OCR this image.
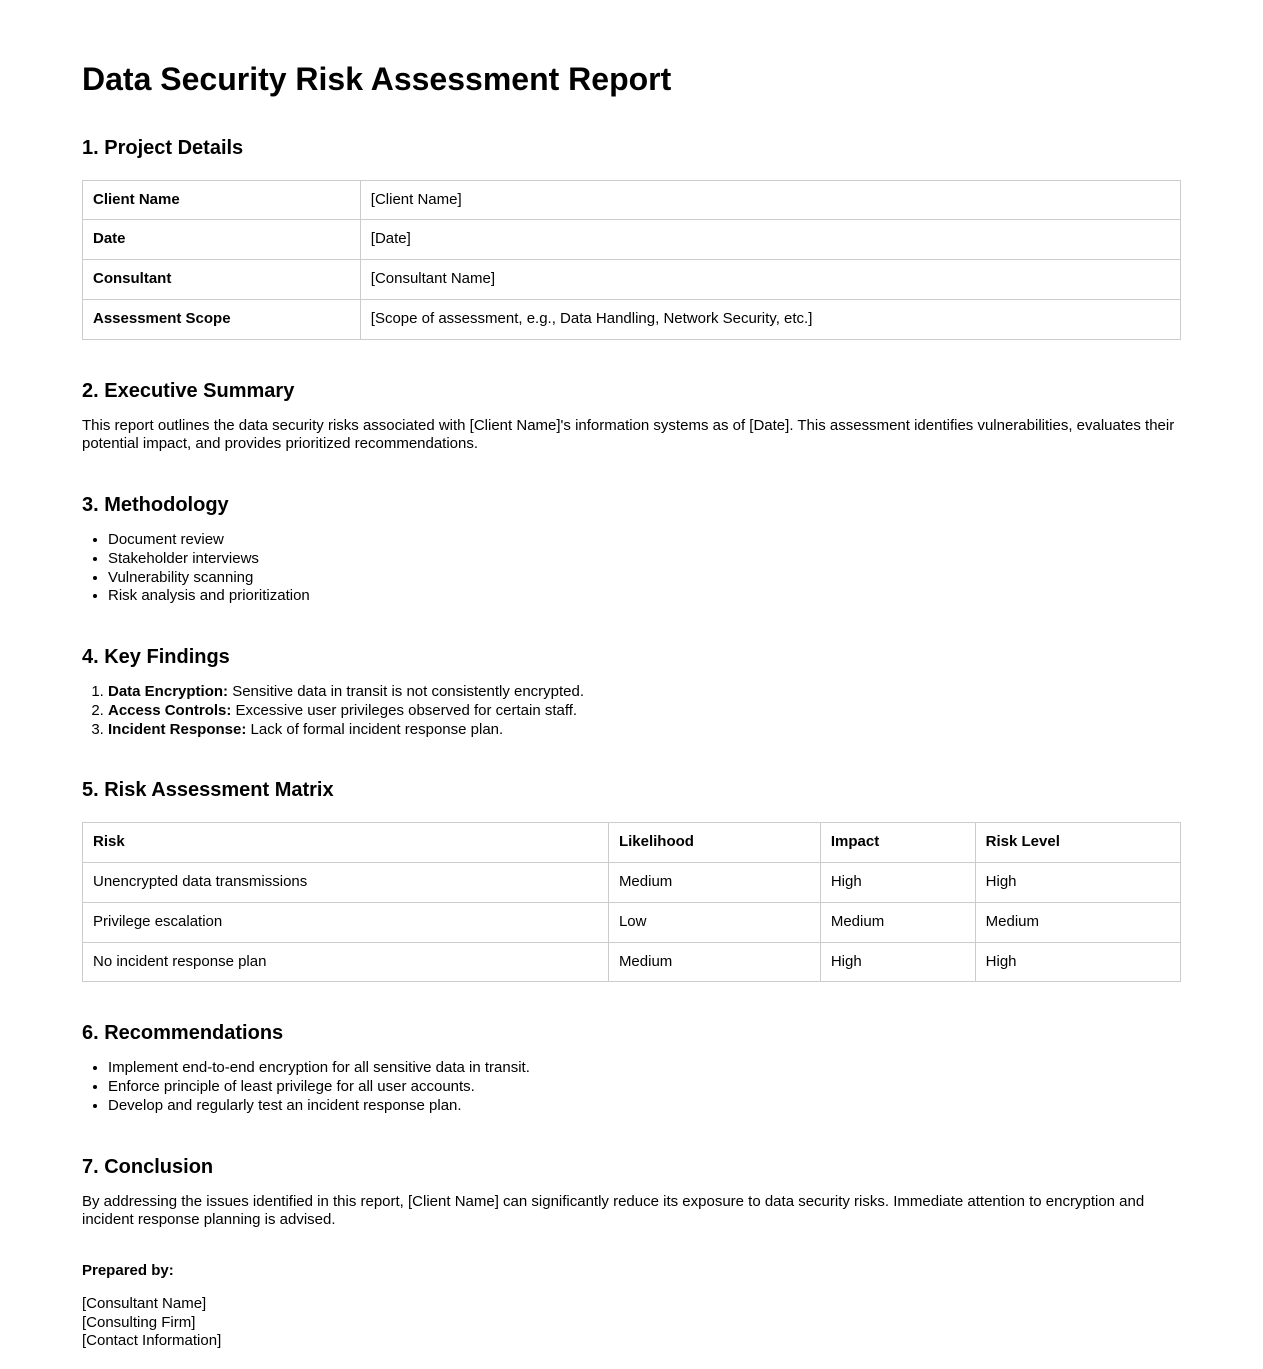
Data Security Risk Assessment Report
1. Project Details
Client Name	[Client Name]
Date	[Date]
Consultant	[Consultant Name]
Assessment Scope	[Scope of assessment, e.g., Data Handling, Network Security, etc.]
2. Executive Summary

This report outlines the data security risks associated with [Client Name]'s information systems as of [Date]. This assessment identifies vulnerabilities, evaluates their potential impact, and provides prioritized recommendations.

3. Methodology
• Document review
• Stakeholder interviews
• Vulnerability scanning
• Risk analysis and prioritization
4. Key Findings
1. Data Encryption: Sensitive data in transit is not consistently encrypted.
2. Access Controls: Excessive user privileges observed for certain staff.
3. Incident Response: Lack of formal incident response plan.
5. Risk Assessment Matrix
Risk	Likelihood	Impact	Risk Level
Unencrypted data transmissions	Medium	High	High
Privilege escalation	Low	Medium	Medium
No incident response plan	Medium	High	High
6. Recommendations
• Implement end-to-end encryption for all sensitive data in transit.
• Enforce principle of least privilege for all user accounts.
• Develop and regularly test an incident response plan.
7. Conclusion

By addressing the issues identified in this report, [Client Name] can significantly reduce its exposure to data security risks. Immediate attention to encryption and incident response planning is advised.

Prepared by:

[Consultant Name]
[Consulting Firm]
[Contact Information]
